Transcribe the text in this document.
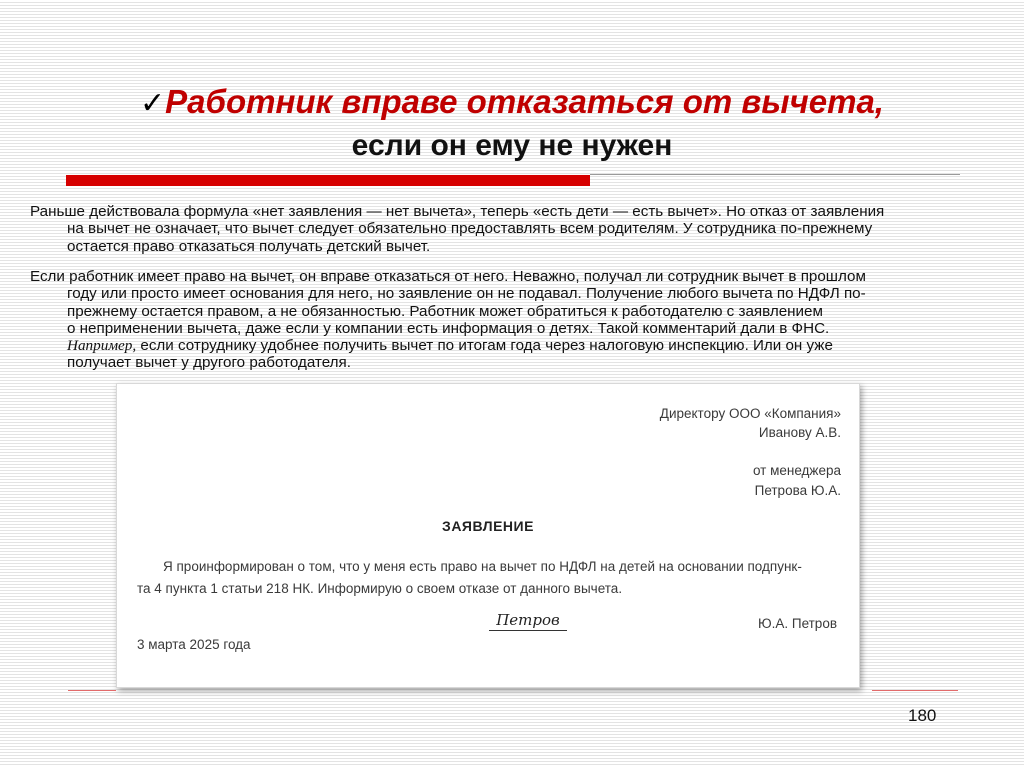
✓Работник вправе отказаться от вычета,
если он ему не нужен
Раньше действовала формула «нет заявления — нет вычета», теперь «есть дети — есть вычет». Но отказ от заявления
на вычет не означает, что вычет следует обязательно предоставлять всем родителям. У сотрудника по-прежнему
остается право отказаться получать детский вычет.
Если работник имеет право на вычет, он вправе отказаться от него. Неважно, получал ли сотрудник вычет в прошлом
году или просто имеет основания для него, но заявление он не подавал. Получение любого вычета по НДФЛ по-
прежнему остается правом, а не обязанностью. Работник может обратиться к работодателю с заявлением
о неприменении вычета, даже если у компании есть информация о детях. Такой комментарий дали в ФНС.
Например, если сотруднику удобнее получить вычет по итогам года через налоговую инспекцию. Или он уже
получает вычет у другого работодателя.
Директору ООО «Компания»
Иванову А.В.
от менеджера
Петрова Ю.А.
ЗАЯВЛЕНИЕ
Я проинформирован о том, что у меня есть право на вычет по НДФЛ на детей на основании подпунк-
та 4 пункта 1 статьи 218 НК. Информирую о своем отказе от данного вычета.
Петров	Ю.А. Петров
3 марта 2025 года
180
